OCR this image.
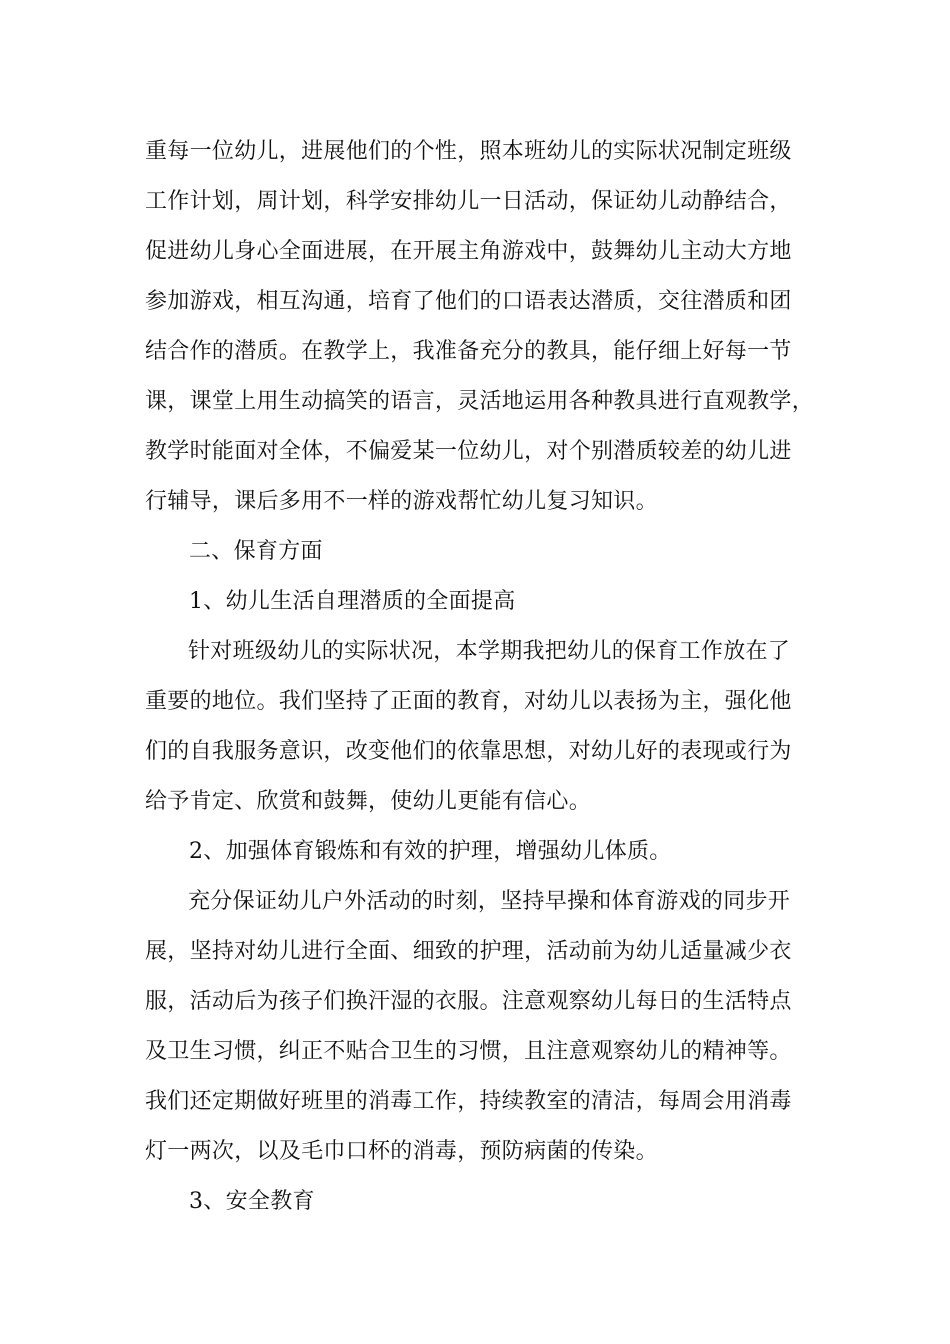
重每一位幼儿，进展他们的个性，照本班幼儿的实际状况制定班级
工作计划，周计划，科学安排幼儿一日活动，保证幼儿动静结合，
促进幼儿身心全面进展，在开展主角游戏中，鼓舞幼儿主动大方地
参加游戏，相互沟通，培育了他们的口语表达潜质，交往潜质和团
结合作的潜质。在教学上，我准备充分的教具，能仔细上好每一节
课，课堂上用生动搞笑的语言，灵活地运用各种教具进行直观教学，
教学时能面对全体，不偏爱某一位幼儿，对个别潜质较差的幼儿进
行辅导，课后多用不一样的游戏帮忙幼儿复习知识。
二、保育方面
1、幼儿生活自理潜质的全面提高
针对班级幼儿的实际状况，本学期我把幼儿的保育工作放在了
重要的地位。我们坚持了正面的教育，对幼儿以表扬为主，强化他
们的自我服务意识，改变他们的依靠思想，对幼儿好的表现或行为
给予肯定、欣赏和鼓舞，使幼儿更能有信心。
2、加强体育锻炼和有效的护理，增强幼儿体质。
充分保证幼儿户外活动的时刻，坚持早操和体育游戏的同步开
展，坚持对幼儿进行全面、细致的护理，活动前为幼儿适量减少衣
服，活动后为孩子们换汗湿的衣服。注意观察幼儿每日的生活特点
及卫生习惯，纠正不贴合卫生的习惯，且注意观察幼儿的精神等。
我们还定期做好班里的消毒工作，持续教室的清洁，每周会用消毒
灯一两次，以及毛巾口杯的消毒，预防病菌的传染。
3、安全教育
